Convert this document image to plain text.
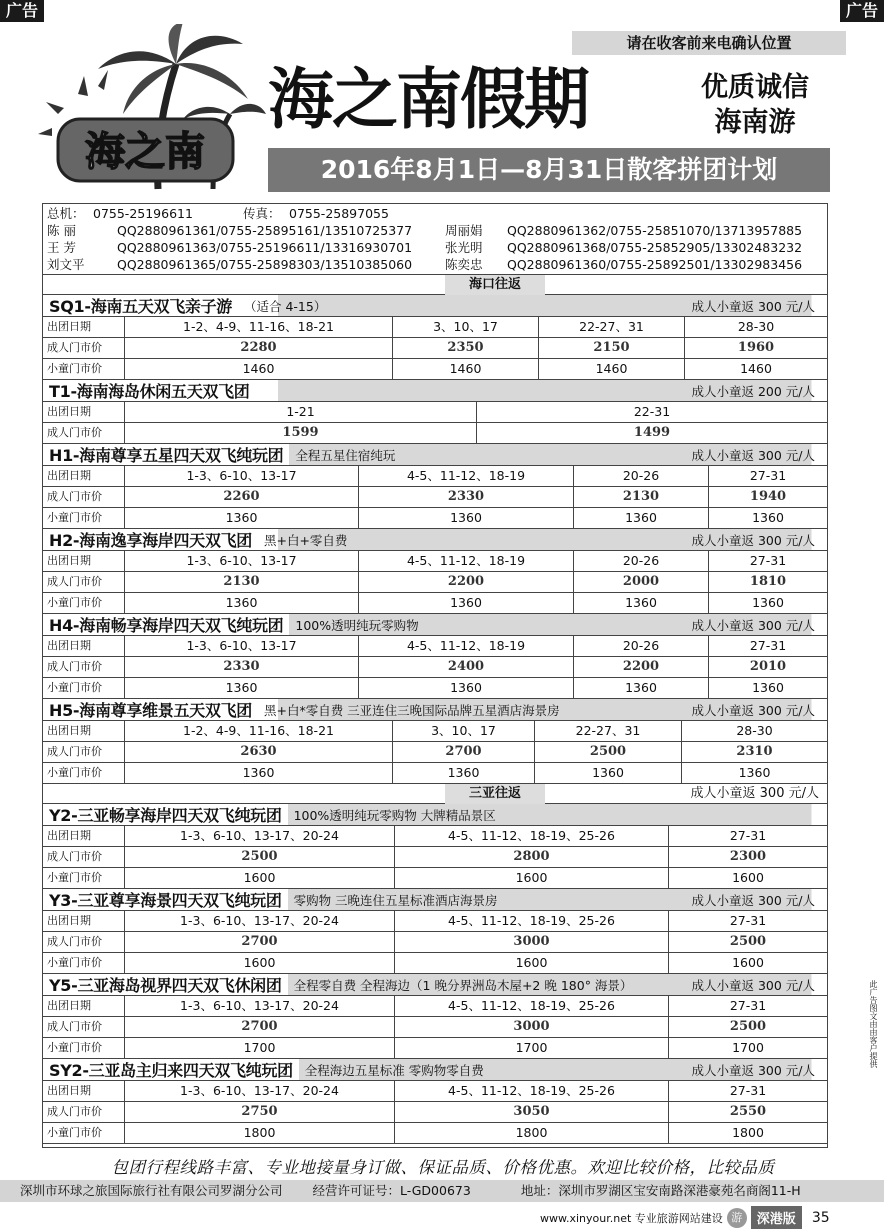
广告	广告
请在收客前来电确认位置
海之南
海之南假期	优质诚信
海南游
2016年8月1日—8月31日散客拼团计划
总机： 0755-25196611	传真： 0755-25897055
陈 丽	QQ2880961361/0755-25895161/13510725377	周丽娟	QQ2880961362/0755-25851070/13713957885
王 芳	QQ2880961363/0755-25196611/13316930701	张光明	QQ2880961368/0755-25852905/13302483232
刘文平	QQ2880961365/0755-25898303/13510385060	陈奕忠	QQ2880961360/0755-25892501/13302983456
海口往返
SQ1-海南五天双飞亲子游 （适合 4-15）	成人小童返 300 元/人
出团日期	1-2、4-9、11-16、18-21	3、10、17	22-27、31	28-30
成人门市价	2280	2350	2150	1960
小童门市价	1460	1460	1460	1460
T1-海南海岛休闲五天双飞团	成人小童返 200 元/人
出团日期	1-21	22-31
成人门市价	1599	1499
H1-海南尊享五星四天双飞纯玩团 全程五星住宿纯玩	成人小童返 300 元/人
出团日期	1-3、6-10、13-17	4-5、11-12、18-19	20-26	27-31
成人门市价	2260	2330	2130	1940
小童门市价	1360	1360	1360	1360
H2-海南逸享海岸四天双飞团 黑+白+零自费	成人小童返 300 元/人
出团日期	1-3、6-10、13-17	4-5、11-12、18-19	20-26	27-31
成人门市价	2130	2200	2000	1810
小童门市价	1360	1360	1360	1360
H4-海南畅享海岸四天双飞纯玩团 100%透明纯玩零购物	成人小童返 300 元/人
出团日期	1-3、6-10、13-17	4-5、11-12、18-19	20-26	27-31
成人门市价	2330	2400	2200	2010
小童门市价	1360	1360	1360	1360
H5-海南尊享维景五天双飞团 黑+白*零自费 三亚连住三晚国际品牌五星酒店海景房	成人小童返 300 元/人
出团日期	1-2、4-9、11-16、18-21	3、10、17	22-27、31	28-30
成人门市价	2630	2700	2500	2310
小童门市价	1360	1360	1360	1360
三亚往返	成人小童返 300 元/人
Y2-三亚畅享海岸四天双飞纯玩团 100%透明纯玩零购物 大牌精品景区
出团日期	1-3、6-10、13-17、20-24	4-5、11-12、18-19、25-26	27-31
成人门市价	2500	2800	2300
小童门市价	1600	1600	1600
Y3-三亚尊享海景四天双飞纯玩团 零购物 三晚连住五星标准酒店海景房	成人小童返 300 元/人
出团日期	1-3、6-10、13-17、20-24	4-5、11-12、18-19、25-26	27-31
成人门市价	2700	3000	2500
小童门市价	1600	1600	1600
Y5-三亚海岛视界四天双飞休闲团 全程零自费 全程海边（1 晚分界洲岛木屋+2 晚 180° 海景）	成人小童返 300 元/人
出团日期	1-3、6-10、13-17、20-24	4-5、11-12、18-19、25-26	27-31
成人门市价	2700	3000	2500
小童门市价	1700	1700	1700
SY2-三亚岛主归来四天双飞纯玩团 全程海边五星标准 零购物零自费	成人小童返 300 元/人
出团日期	1-3、6-10、13-17、20-24	4-5、11-12、18-19、25-26	27-31
成人门市价	2750	3050	2550
小童门市价	1800	1800	1800
包团行程线路丰富、专业地接量身订做、保证品质、价格优惠。欢迎比较价格，比较品质
深圳市环球之旅国际旅行社有限公司罗湖分公司	经营许可证号：L-GD00673	地址：深圳市罗湖区宝安南路深港豪苑名商阁11-H
www.xinyour.net 专业旅游网站建设 游	深港版	35
此广告图文由由客户提供
